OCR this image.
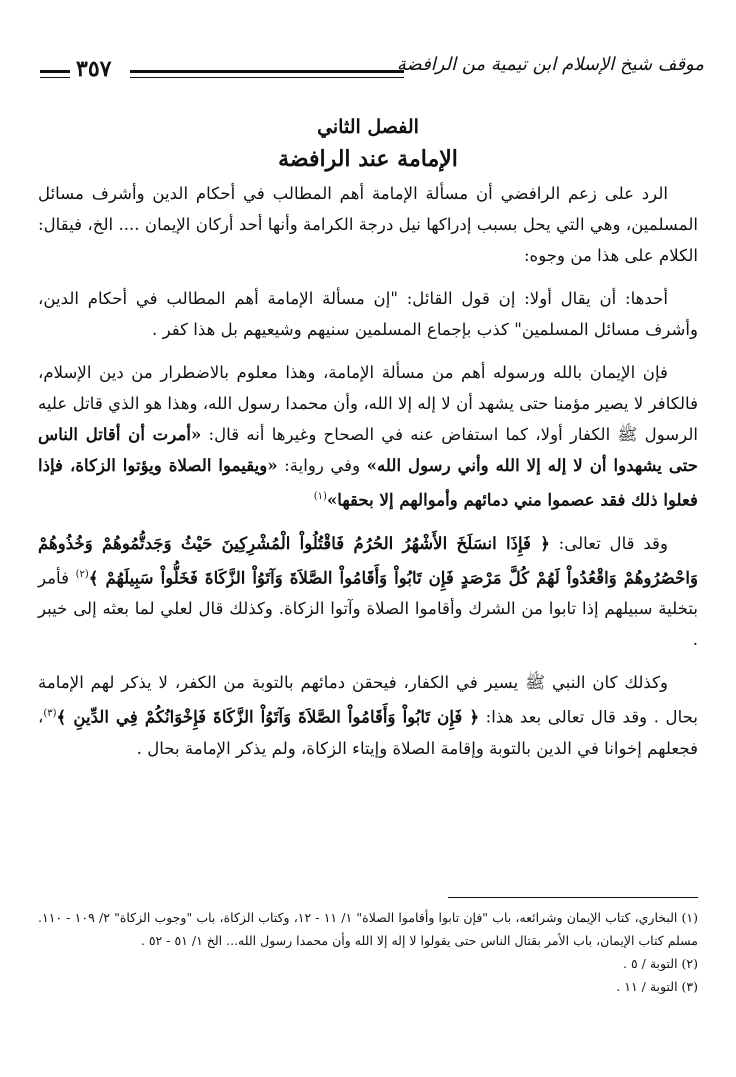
موقف شيخ الإسلام ابن تيمية من الرافضة
٣٥٧
الفصل الثاني
الإمامة عند الرافضة

الرد على زعم الرافضي أن مسألة الإمامة أهم المطالب في أحكام الدين وأشرف مسائل المسلمين، وهي التي يحل بسبب إدراكها نيل درجة الكرامة وأنها أحد أركان الإيمان .... الخ، فيقال: الكلام على هذا من وجوه:

أحدها: أن يقال أولا: إن قول القائل: "إن مسألة الإمامة أهم المطالب في أحكام الدين، وأشرف مسائل المسلمين" كذب بإجماع المسلمين سنيهم وشيعيهم بل هذا كفر .

فإن الإيمان بالله ورسوله أهم من مسألة الإمامة، وهذا معلوم بالاضطرار من دين الإسلام، فالكافر لا يصير مؤمنا حتى يشهد أن لا إله إلا الله، وأن محمدا رسول الله، وهذا هو الذي قاتل عليه الرسول ﷺ الكفار أولا، كما استفاض عنه في الصحاح وغيرها أنه قال: «أمرت أن أقاتل الناس حتى يشهدوا أن لا إله إلا الله وأني رسول الله» وفي رواية: «ويقيموا الصلاة ويؤتوا الزكاة، فإذا فعلوا ذلك فقد عصموا مني دمائهم وأموالهم إلا بحقها»$^{(١)}$

وقد قال تعالى: ﴿ فَإِذَا انسَلَخَ الأَشْهُرُ الحُرُمُ فَاقْتُلُواْ الْمُشْرِكِينَ حَيْثُ وَجَدتُّمُوهُمْ وَخُذُوهُمْ وَاحْصُرُوهُمْ وَاقْعُدُواْ لَهُمْ كُلَّ مَرْصَدٍ فَإِن تَابُواْ وَأَقَامُواْ الصَّلاَةَ وَآتَوُاْ الزَّكَاةَ فَخَلُّواْ سَبِيلَهُمْ ﴾$^{(٢)}$ فأمر بتخلية سبيلهم إذا تابوا من الشرك وأقاموا الصلاة وآتوا الزكاة. وكذلك قال لعلي لما بعثه إلى خيبر .

وكذلك كان النبي ﷺ يسير في الكفار، فيحقن دمائهم بالتوبة من الكفر، لا يذكر لهم الإمامة بحال . وقد قال تعالى بعد هذا: ﴿ فَإِن تَابُواْ وَأَقَامُواْ الصَّلاَةَ وَآتَوُاْ الزَّكَاةَ فَإِخْوَانُكُمْ فِي الدِّينِ ﴾$^{(٣)}$، فجعلهم إخوانا في الدين بالتوبة وإقامة الصلاة وإيتاء الزكاة، ولم يذكر الإمامة بحال .

(١) البخاري، كتاب الإيمان وشرائعه، باب "فإن تابوا وأقاموا الصلاة" ١/ ١١ - ١٢، وكتاب الزكاة، باب "وجوب الزكاة" ٢/ ١٠٩ - ١١٠. مسلم كتاب الإيمان، باب الأمر بقتال الناس حتى يقولوا لا إله إلا الله وأن محمدا رسول الله... الخ ١/ ٥١ - ٥٢ .
(٢) التوبة / ٥ .
(٣) التوبة / ١١ .
